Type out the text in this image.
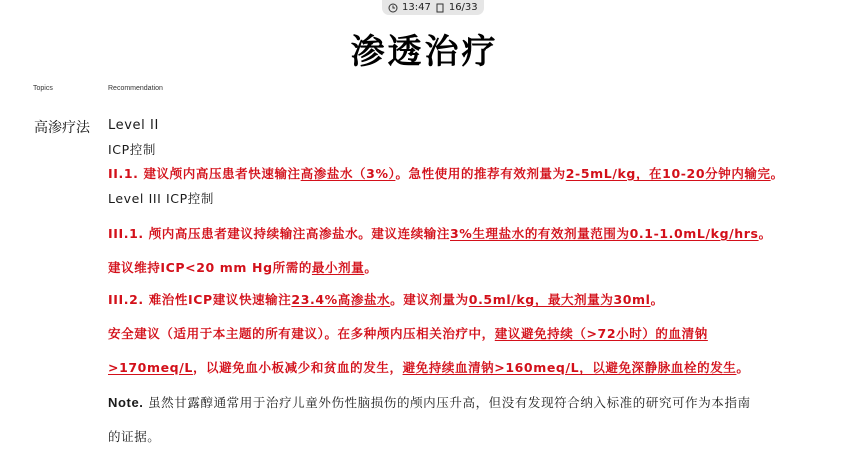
13:47 16/33
渗透治疗
Topics	Recommendation
高渗疗法 Level II
ICP控制
II.1. 建议颅内高压患者快速输注高渗盐水（3%）。急性使用的推荐有效剂量为2-5mL/kg，在10-20分钟内输完。
Level III ICP控制
III.1. 颅内高压患者建议持续输注高渗盐水。建议连续输注3%生理盐水的有效剂量范围为0.1-1.0mL/kg/hrs。
建议维持ICP<20 mm Hg所需的最小剂量。
III.2. 难治性ICP建议快速输注23.4%高渗盐水。建议剂量为0.5ml/kg，最大剂量为30ml。
安全建议（适用于本主题的所有建议）。在多种颅内压相关治疗中，建议避免持续（>72小时）的血清钠
>170meq/L，以避免血小板减少和贫血的发生，避免持续血清钠>160meq/L，以避免深静脉血栓的发生。
Note. 虽然甘露醇通常用于治疗儿童外伤性脑损伤的颅内压升高，但没有发现符合纳入标准的研究可作为本指南
的证据。
